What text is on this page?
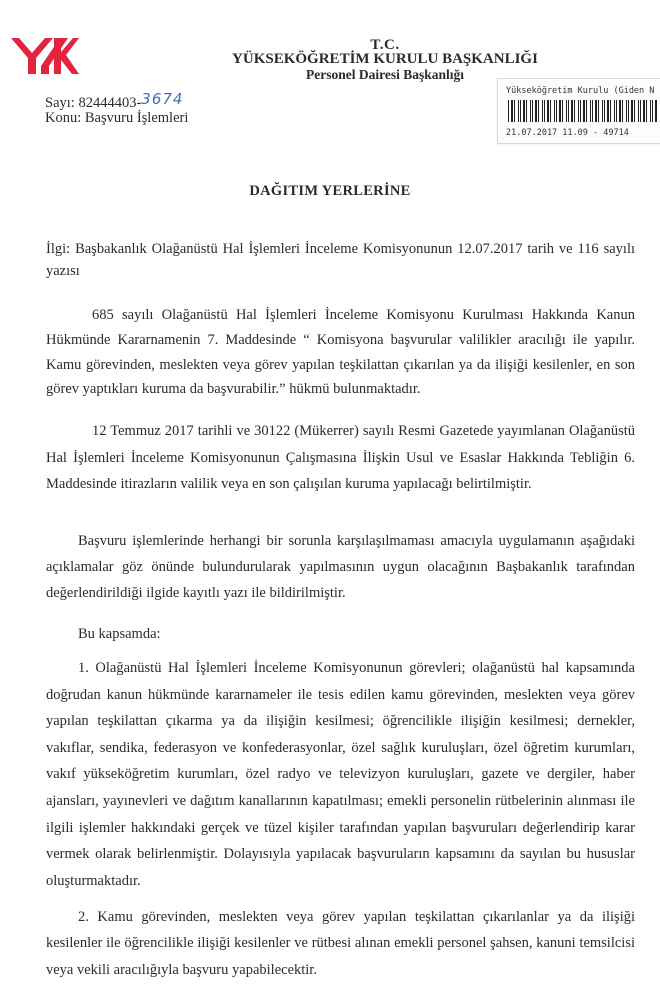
T.C.
YÜKSEKÖĞRETİM KURULU BAŞKANLIĞI
Personel Dairesi Başkanlığı
Yükseköğretim Kurulu (Giden N
21.07.2017 11.09 - 49714
Sayı: 82444403-3674
Konu: Başvuru İşlemleri
DAĞITIM YERLERİNE

İlgi: Başbakanlık Olağanüstü Hal İşlemleri İnceleme Komisyonunun 12.07.2017 tarih ve 116 sayılı yazısı

685 sayılı Olağanüstü Hal İşlemleri İnceleme Komisyonu Kurulması Hakkında Kanun Hükmünde Kararnamenin 7. Maddesinde “ Komisyona başvurular valilikler aracılığı ile yapılır. Kamu görevinden, meslekten veya görev yapılan teşkilattan çıkarılan ya da ilişiği kesilenler, en son görev yaptıkları kuruma da başvurabilir.” hükmü bulunmaktadır.

12 Temmuz 2017 tarihli ve 30122 (Mükerrer) sayılı Resmi Gazetede yayımlanan Olağanüstü Hal İşlemleri İnceleme Komisyonunun Çalışmasına İlişkin Usul ve Esaslar Hakkında Tebliğin 6. Maddesinde itirazların valilik veya en son çalışılan kuruma yapılacağı belirtilmiştir.

Başvuru işlemlerinde herhangi bir sorunla karşılaşılmaması amacıyla uygulamanın aşağıdaki açıklamalar göz önünde bulundurularak yapılmasının uygun olacağının Başbakanlık tarafından değerlendirildiği ilgide kayıtlı yazı ile bildirilmiştir.

Bu kapsamda:

1. Olağanüstü Hal İşlemleri İnceleme Komisyonunun görevleri; olağanüstü hal kapsamında doğrudan kanun hükmünde kararnameler ile tesis edilen kamu görevinden, meslekten veya görev yapılan teşkilattan çıkarma ya da ilişiğin kesilmesi; öğrencilikle ilişiğin kesilmesi; dernekler, vakıflar, sendika, federasyon ve konfederasyonlar, özel sağlık kuruluşları, özel öğretim kurumları, vakıf yükseköğretim kurumları, özel radyo ve televizyon kuruluşları, gazete ve dergiler, haber ajansları, yayınevleri ve dağıtım kanallarının kapatılması; emekli personelin rütbelerinin alınması ile ilgili işlemler hakkındaki gerçek ve tüzel kişiler tarafından yapılan başvuruları değerlendirip karar vermek olarak belirlenmiştir. Dolayısıyla yapılacak başvuruların kapsamını da sayılan bu hususlar oluşturmaktadır.

2. Kamu görevinden, meslekten veya görev yapılan teşkilattan çıkarılanlar ya da ilişiği kesilenler ile öğrencilikle ilişiği kesilenler ve rütbesi alınan emekli personel şahsen, kanuni temsilcisi veya vekili aracılığıyla başvuru yapabilecektir.
